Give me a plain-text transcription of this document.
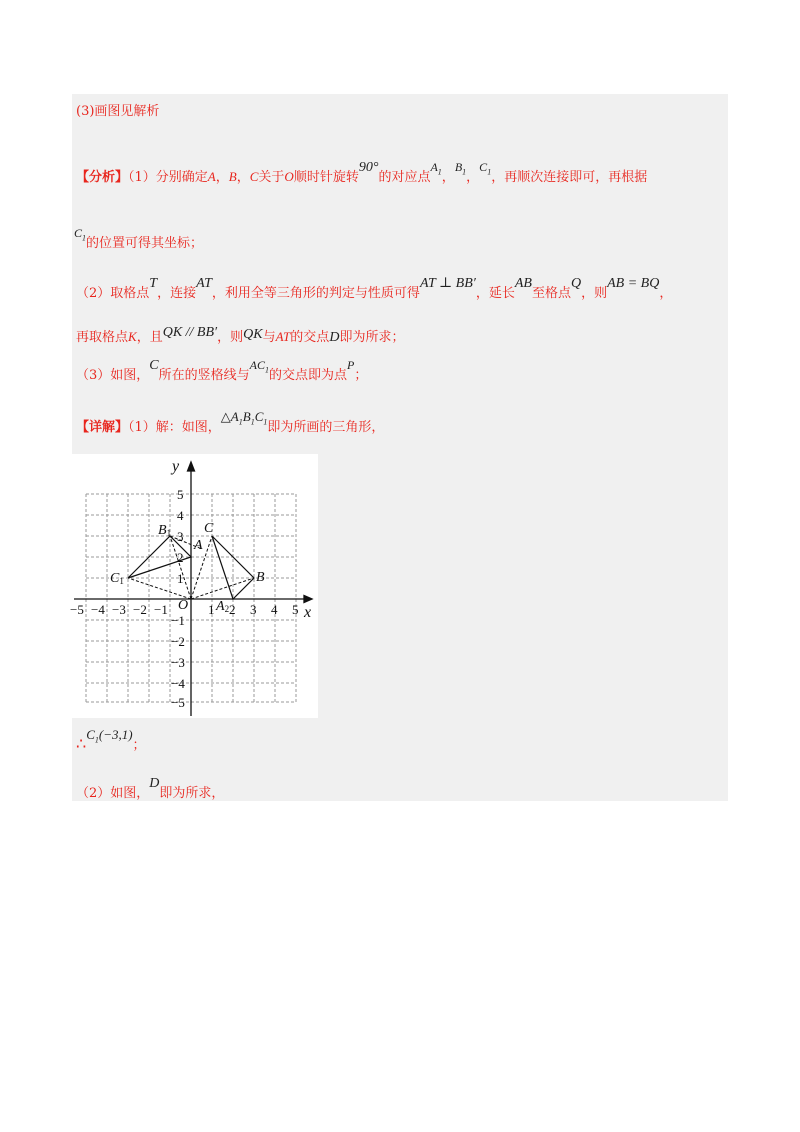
(3)画图见解析
【分析】（1）分别确定A，B，C关于O顺时针旋转90°的对应点$A_1$，$B_1$，$C_1$，再顺次连接即可，再根据
$C_1$的位置可得其坐标；
（2）取格点T，连接AT，利用全等三角形的判定与性质可得AT ⊥ BB′，延长AB至格点Q，则AB = BQ，
再取格点K，且QK // BB′，则QK与AT的交点D即为所求；
（3）如图，C所在的竖格线与$AC_1$的交点即为点P；
【详解】（1）解：如图，$\triangle A_1B_1C_1$即为所画的三角形，
−5 −4 −3 −2 −1	1 2 3 4 5
5
4
3
2
1
−1
−2
−3
−4
−5
x
y
O
B1 C
A
C1	B
A2
$\therefore C_1(-3,1)$；
（2）如图，D即为所求，
